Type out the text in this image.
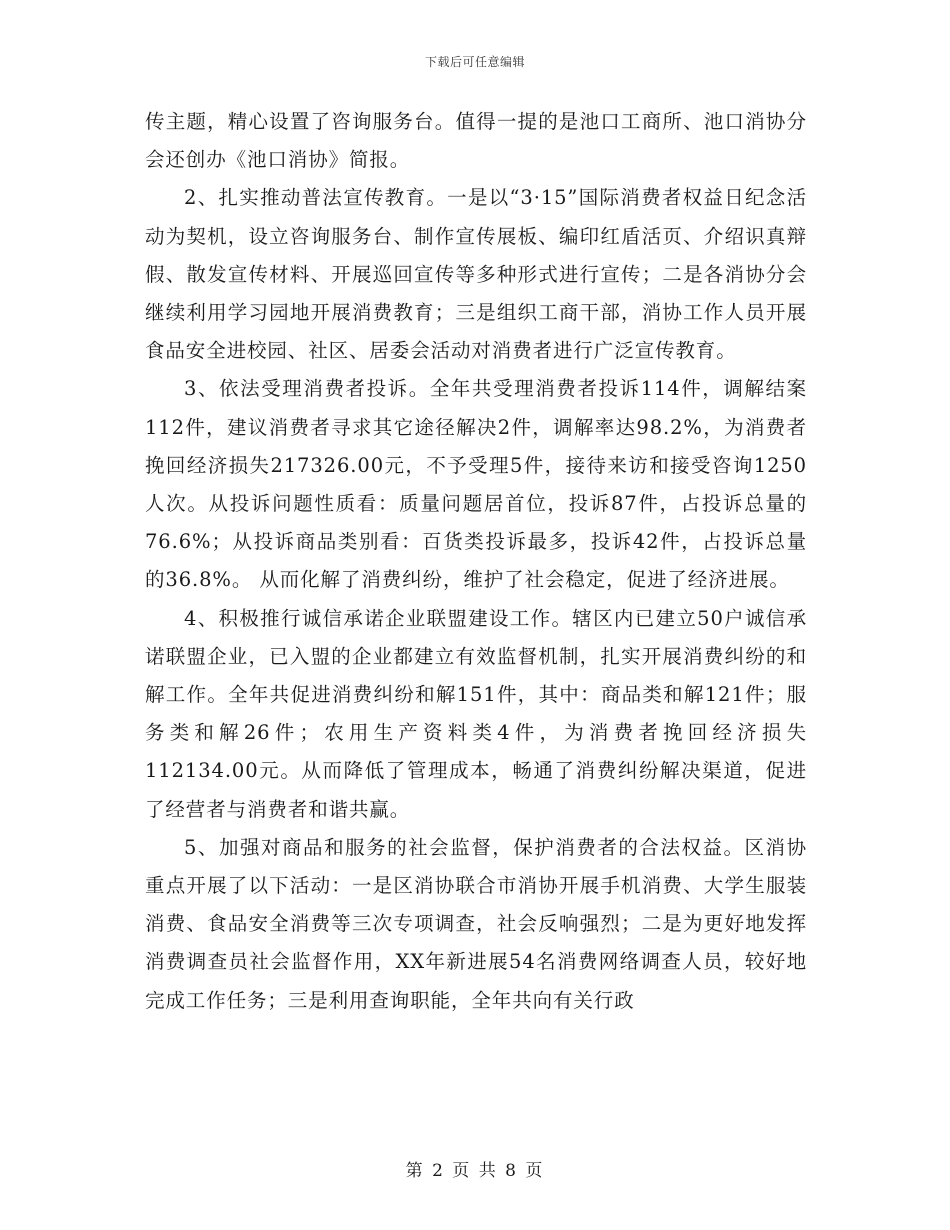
下载后可任意编辑

传主题，精心设置了咨询服务台。值得一提的是池口工商所、池口消协分会还创办《池口消协》简报。

2、扎实推动普法宣传教育。一是以“3·15”国际消费者权益日纪念活动为契机，设立咨询服务台、制作宣传展板、编印红盾活页、介绍识真辩假、散发宣传材料、开展巡回宣传等多种形式进行宣传；二是各消协分会继续利用学习园地开展消费教育；三是组织工商干部，消协工作人员开展食品安全进校园、社区、居委会活动对消费者进行广泛宣传教育。

3、依法受理消费者投诉。全年共受理消费者投诉114件，调解结案112件，建议消费者寻求其它途径解决2件，调解率达98.2%，为消费者挽回经济损失217326.00元，不予受理5件，接待来访和接受咨询1250人次。从投诉问题性质看：质量问题居首位，投诉87件，占投诉总量的76.6%；从投诉商品类别看：百货类投诉最多，投诉42件，占投诉总量的36.8%。 从而化解了消费纠纷，维护了社会稳定，促进了经济进展。

4、积极推行诚信承诺企业联盟建设工作。辖区内已建立50户诚信承诺联盟企业，已入盟的企业都建立有效监督机制，扎实开展消费纠纷的和解工作。全年共促进消费纠纷和解151件，其中：商品类和解121件；服务类和解26件；农用生产资料类4件，为消费者挽回经济损失112134.00元。从而降低了管理成本，畅通了消费纠纷解决渠道，促进了经营者与消费者和谐共赢。

5、加强对商品和服务的社会监督，保护消费者的合法权益。区消协重点开展了以下活动：一是区消协联合市消协开展手机消费、大学生服装消费、食品安全消费等三次专项调查，社会反响强烈；二是为更好地发挥消费调查员社会监督作用，XX年新进展54名消费网络调查人员，较好地完成工作任务；三是利用查询职能，全年共向有关行政

第 2 页 共 8 页
